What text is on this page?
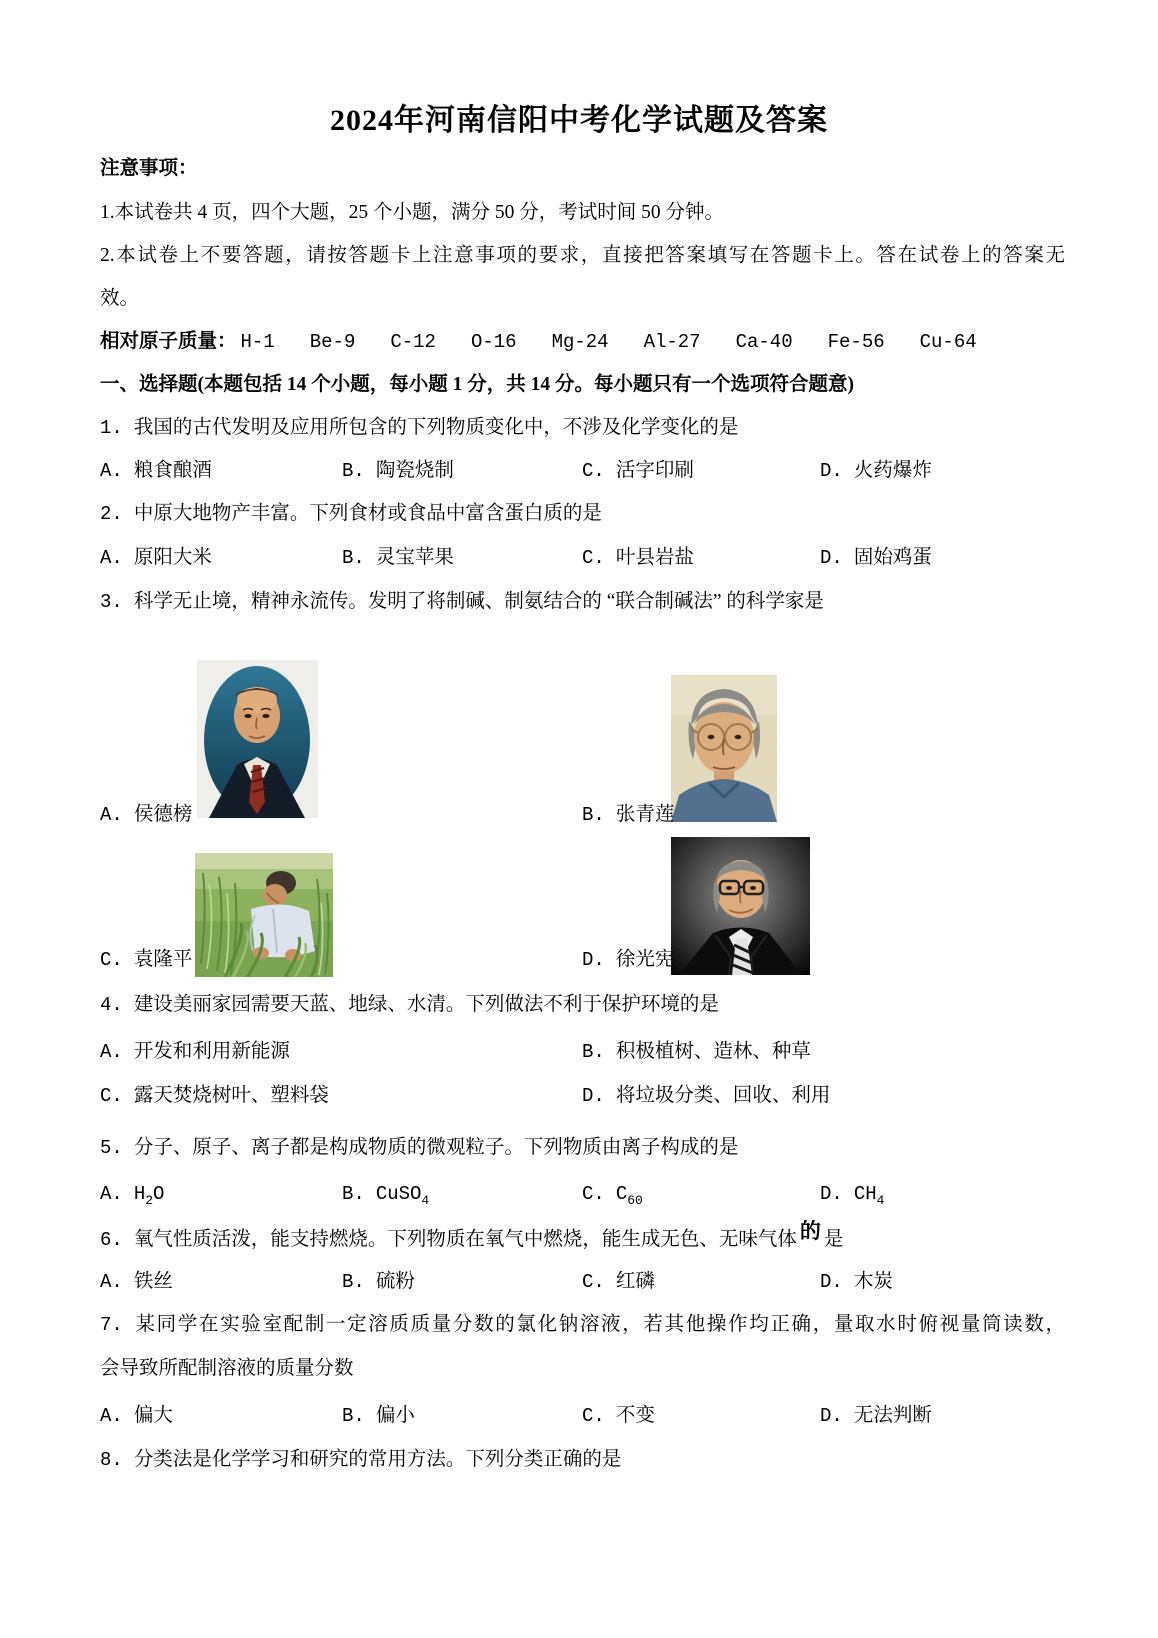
2024年河南信阳中考化学试题及答案
注意事项：
1.本试卷共 4 页，四个大题，25 个小题，满分 50 分，考试时间 50 分钟。
2.本试卷上不要答题，请按答题卡上注意事项的要求，直接把答案填写在答题卡上。答在试卷上的答案无
效。
相对原子质量： H-1 Be-9 C-12 O-16 Mg-24 Al-27 Ca-40 Fe-56 Cu-64
一、选择题(本题包括 14 个小题，每小题 1 分，共 14 分。每小题只有一个选项符合题意)
1. 我国的古代发明及应用所包含的下列物质变化中，不涉及化学变化的是
A. 粮食酿酒	B. 陶瓷烧制	C. 活字印刷	D. 火药爆炸
2. 中原大地物产丰富。下列食材或食品中富含蛋白质的是
A. 原阳大米	B. 灵宝苹果	C. 叶县岩盐	D. 固始鸡蛋
3. 科学无止境，精神永流传。发明了将制碱、制氨结合的 “联合制碱法” 的科学家是
A. 侯德榜	B. 张青莲
C. 袁隆平	D. 徐光宪
4. 建设美丽家园需要天蓝、地绿、水清。下列做法不利于保护环境的是
A. 开发和利用新能源	B. 积极植树、造林、种草
C. 露天焚烧树叶、塑料袋	D. 将垃圾分类、回收、利用
5. 分子、原子、离子都是构成物质的微观粒子。下列物质由离子构成的是
A. $H_2O$	B. CuSO$_4$	C. $C_{60}$	D. $CH_4$
6. 氧气性质活泼，能支持燃烧。下列物质在氧气中燃烧，能生成无色、无味气体 的 是
A. 铁丝	B. 硫粉	C. 红磷	D. 木炭
7. 某同学在实验室配制一定溶质质量分数的氯化钠溶液，若其他操作均正确，量取水时俯视量筒读数，
会导致所配制溶液的质量分数
A. 偏大	B. 偏小	C. 不变	D. 无法判断
8. 分类法是化学学习和研究的常用方法。下列分类正确的是
